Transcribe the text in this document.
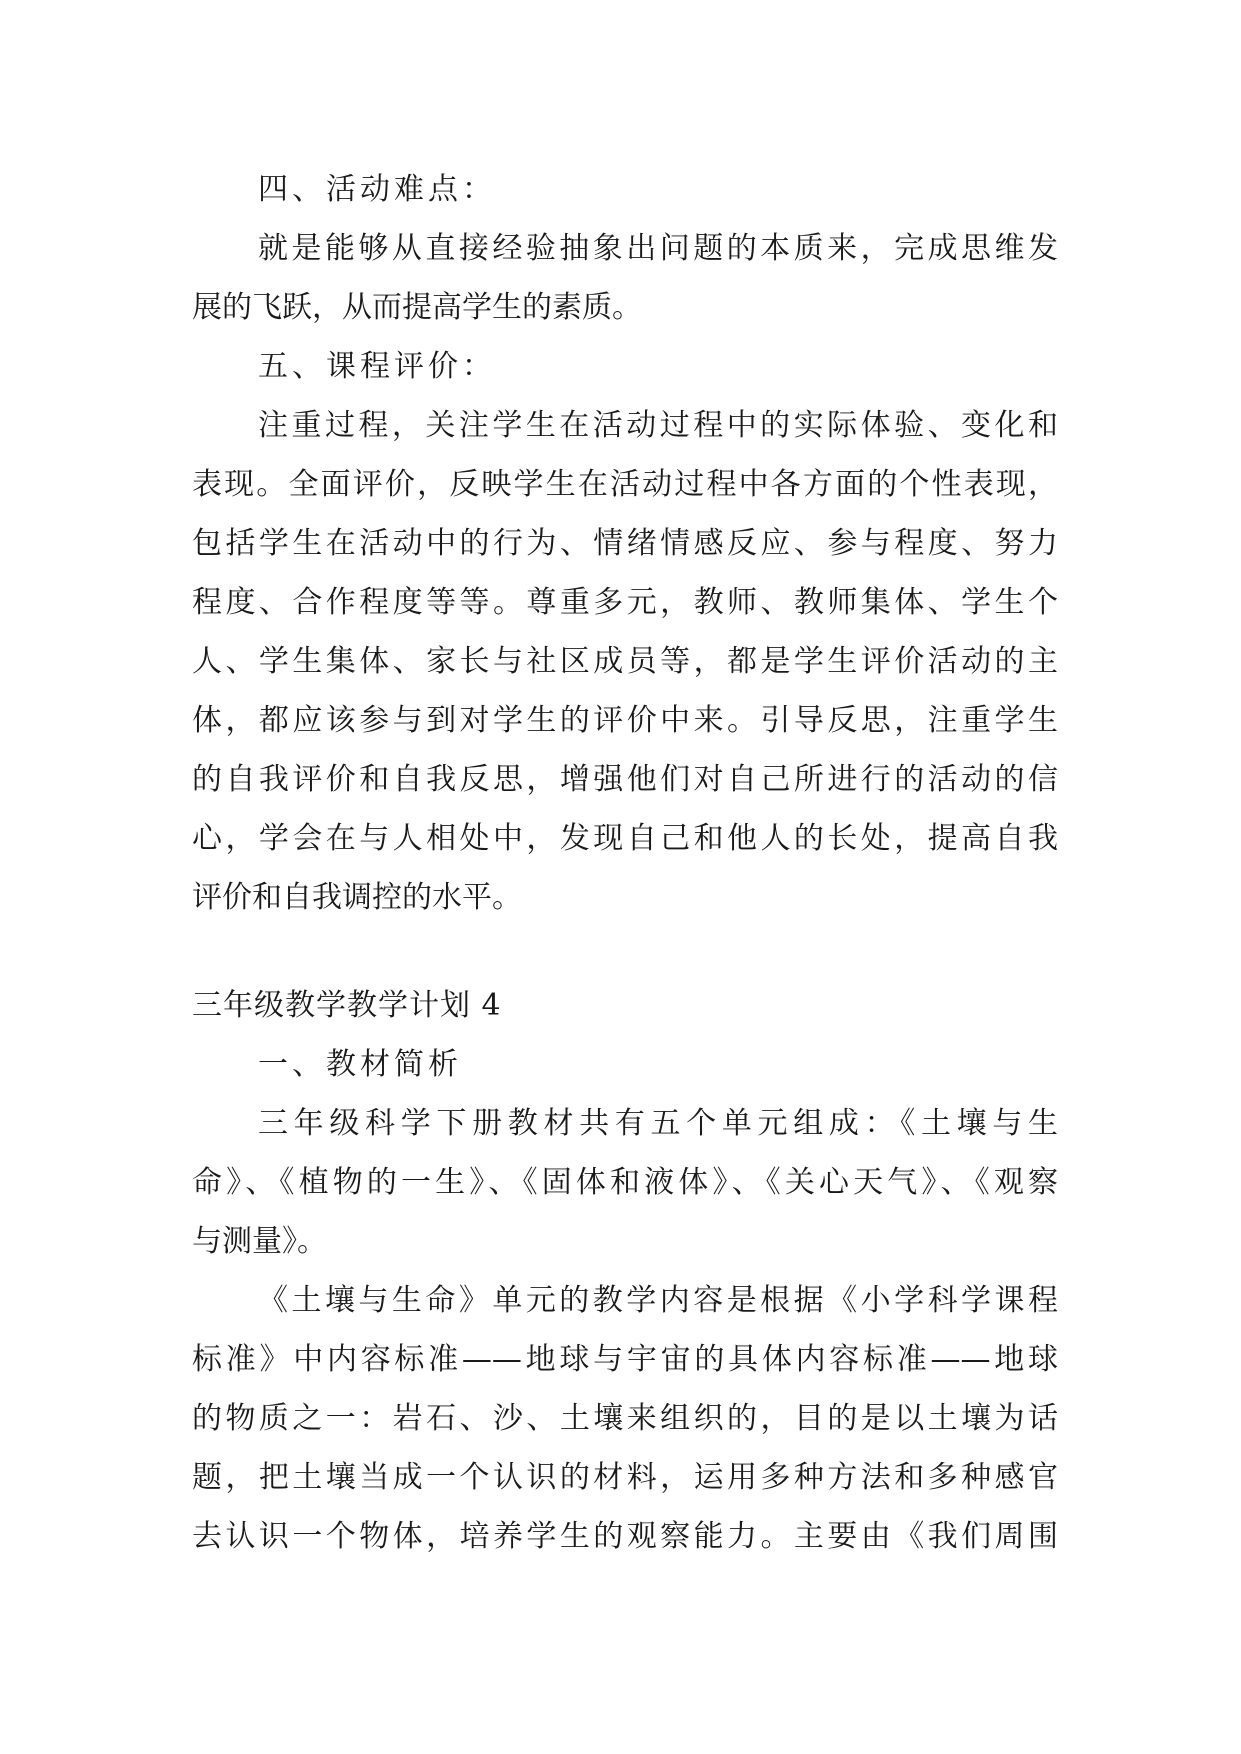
四、活动难点：
就是能够从直接经验抽象出问题的本质来，完成思维发
展的飞跃，从而提高学生的素质。
五、课程评价：
注重过程，关注学生在活动过程中的实际体验、变化和
表现。全面评价，反映学生在活动过程中各方面的个性表现，
包括学生在活动中的行为、情绪情感反应、参与程度、努力
程度、合作程度等等。尊重多元，教师、教师集体、学生个
人、学生集体、家长与社区成员等，都是学生评价活动的主
体，都应该参与到对学生的评价中来。引导反思，注重学生
的自我评价和自我反思，增强他们对自己所进行的活动的信
心，学会在与人相处中，发现自己和他人的长处，提高自我
评价和自我调控的水平。
三年级教学教学计划 4
一、教材简析
三年级科学下册教材共有五个单元组成：《土壤与生
命》、《植物的一生》、《固体和液体》、《关心天气》、《观察
与测量》。
《土壤与生命》单元的教学内容是根据《小学科学课程
标准》中内容标准——地球与宇宙的具体内容标准——地球
的物质之一：岩石、沙、土壤来组织的，目的是以土壤为话
题，把土壤当成一个认识的材料，运用多种方法和多种感官
去认识一个物体，培养学生的观察能力。主要由《我们周围
